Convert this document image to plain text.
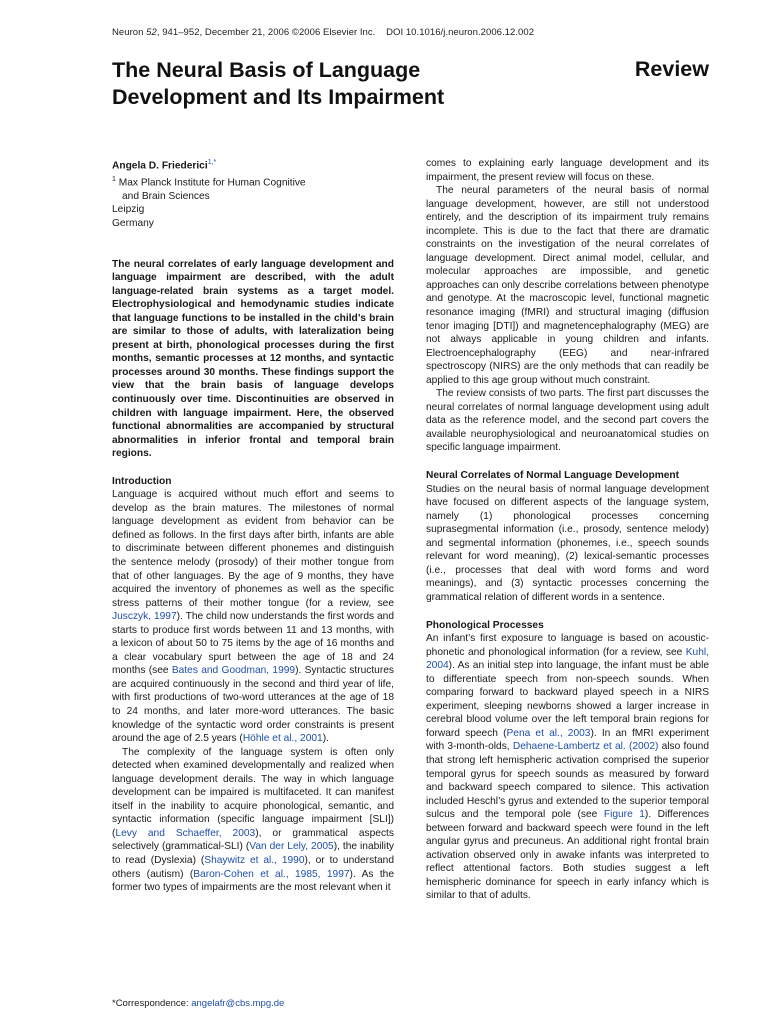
Neuron 52, 941–952, December 21, 2006 ©2006 Elsevier Inc.    DOI 10.1016/j.neuron.2006.12.002
The Neural Basis of Language Development and Its Impairment
Review
Angela D. Friederici$^{1,*}$
$^1$ Max Planck Institute for Human Cognitive
and Brain Sciences
Leipzig
Germany

The neural correlates of early language development and language impairment are described, with the adult language-related brain systems as a target model. Electrophysiological and hemodynamic studies indicate that language functions to be installed in the child’s brain are similar to those of adults, with lateralization being present at birth, phonological processes during the first months, semantic processes at 12 months, and syntactic processes around 30 months. These findings support the view that the brain basis of language develops continuously over time. Discontinuities are observed in children with language impairment. Here, the observed functional abnormalities are accompanied by structural abnormalities in inferior frontal and temporal brain regions.

Introduction

Language is acquired without much effort and seems to develop as the brain matures. The milestones of normal language development as evident from behavior can be defined as follows. In the first days after birth, infants are able to discriminate between different phonemes and distinguish the sentence melody (prosody) of their mother tongue from that of other languages. By the age of 9 months, they have acquired the inventory of phonemes as well as the specific stress patterns of their mother tongue (for a review, see Jusczyk, 1997). The child now understands the first words and starts to produce first words between 11 and 13 months, with a lexicon of about 50 to 75 items by the age of 16 months and a clear vocabulary spurt between the age of 18 and 24 months (see Bates and Goodman, 1999). Syntactic structures are acquired continuously in the second and third year of life, with first productions of two-word utterances at the age of 18 to 24 months, and later more-word utterances. The basic knowledge of the syntactic word order constraints is present around the age of 2.5 years (Höhle et al., 2001).

The complexity of the language system is often only detected when examined developmentally and realized when language development derails. The way in which language development can be impaired is multifaceted. It can manifest itself in the inability to acquire phonological, semantic, and syntactic information (specific language impairment [SLI]) (Levy and Schaeffer, 2003), or grammatical aspects selectively (grammatical-SLI) (Van der Lely, 2005), the inability to read (Dyslexia) (Shaywitz et al., 1990), or to understand others (autism) (Baron-Cohen et al., 1985, 1997). As the former two types of impairments are the most relevant when it

comes to explaining early language development and its impairment, the present review will focus on these.

The neural parameters of the neural basis of normal language development, however, are still not understood entirely, and the description of its impairment truly remains incomplete. This is due to the fact that there are dramatic constraints on the investigation of the neural correlates of language development. Direct animal model, cellular, and molecular approaches are impossible, and genetic approaches can only describe correlations between phenotype and genotype. At the macroscopic level, functional magnetic resonance imaging (fMRI) and structural imaging (diffusion tenor imaging [DTI]) and magnetencephalography (MEG) are not always applicable in young children and infants. Electroencephalography (EEG) and near-infrared spectroscopy (NIRS) are the only methods that can readily be applied to this age group without much constraint.

The review consists of two parts. The first part discusses the neural correlates of normal language development using adult data as the reference model, and the second part covers the available neurophysiological and neuroanatomical studies on specific language impairment.

Neural Correlates of Normal Language Development

Studies on the neural basis of normal language development have focused on different aspects of the language system, namely (1) phonological processes concerning suprasegmental information (i.e., prosody, sentence melody) and segmental information (phonemes, i.e., speech sounds relevant for word meaning), (2) lexical-semantic processes (i.e., processes that deal with word forms and word meanings), and (3) syntactic processes concerning the grammatical relation of different words in a sentence.

Phonological Processes

An infant’s first exposure to language is based on acoustic-phonetic and phonological information (for a review, see Kuhl, 2004). As an initial step into language, the infant must be able to differentiate speech from non-speech sounds. When comparing forward to backward played speech in a NIRS experiment, sleeping newborns showed a larger increase in cerebral blood volume over the left temporal brain regions for forward speech (Pena et al., 2003). In an fMRI experiment with 3-month-olds, Dehaene-Lambertz et al. (2002) also found that strong left hemispheric activation comprised the superior temporal gyrus for speech sounds as measured by forward and backward speech compared to silence. This activation included Heschl’s gyrus and extended to the superior temporal sulcus and the temporal pole (see Figure 1). Differences between forward and backward speech were found in the left angular gyrus and precuneus. An additional right frontal brain activation observed only in awake infants was interpreted to reflect attentional factors. Both studies suggest a left hemispheric dominance for speech in early infancy which is similar to that of adults.

*Correspondence: angelafr@cbs.mpg.de
